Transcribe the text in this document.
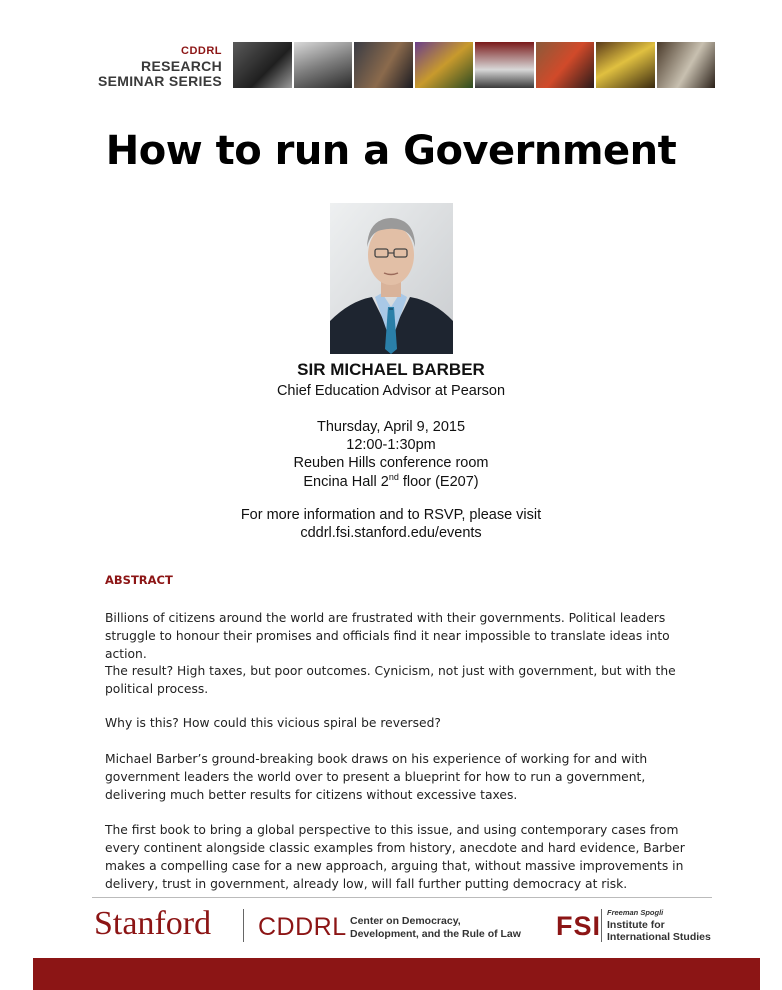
CDDRL
RESEARCH
SEMINAR SERIES
How to run a Government
SIR MICHAEL BARBER
Chief Education Advisor at Pearson
Thursday, April 9, 2015
12:00-1:30pm
Reuben Hills conference room
Encina Hall 2nd floor (E207)
For more information and to RSVP, please visit
cddrl.fsi.stanford.edu/events
ABSTRACT

Billions of citizens around the world are frustrated with their governments. Political leaders struggle to honour their promises and officials find it near impossible to translate ideas into action.

The result? High taxes, but poor outcomes. Cynicism, not just with government, but with the political process.

Why is this? How could this vicious spiral be reversed?

Michael Barber’s ground-breaking book draws on his experience of working for and with government leaders the world over to present a blueprint for how to run a government, delivering much better results for citizens without excessive taxes.

The first book to bring a global perspective to this issue, and using contemporary cases from every continent alongside classic examples from history, anecdote and hard evidence, Barber makes a compelling case for a new approach, arguing that, without massive improvements in delivery, trust in government, already low, will fall further putting democracy at risk.

Stanford CDDRL Center on Democracy,
Development, and the Rule of Law FSI Freeman Spogli
Institute for
International Studies
